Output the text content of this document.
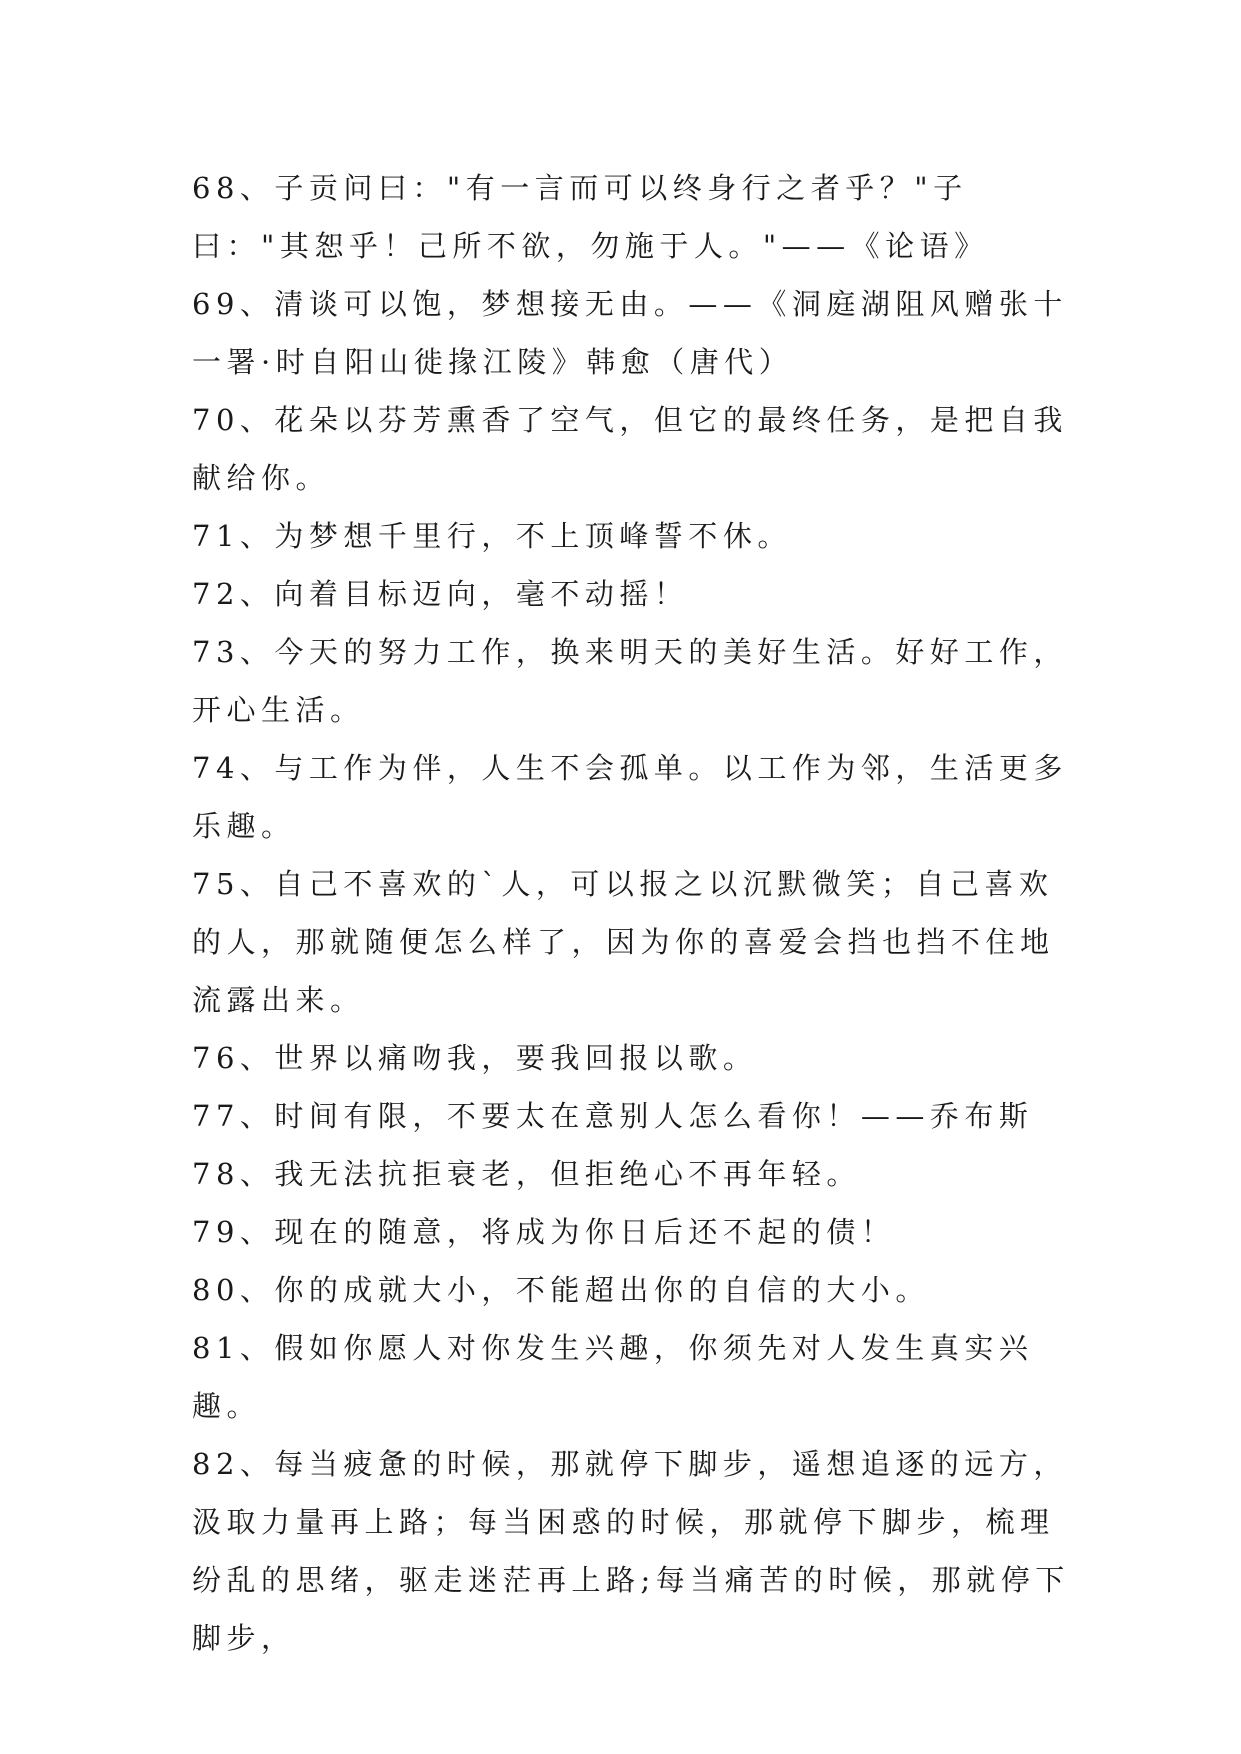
68、子贡问曰："有一言而可以终身行之者乎？"子曰："其恕乎！己所不欲，勿施于人。"——《论语》

69、清谈可以饱，梦想接无由。——《洞庭湖阻风赠张十一署·时自阳山徙掾江陵》韩愈（唐代）

70、花朵以芬芳熏香了空气，但它的最终任务，是把自我献给你。

71、为梦想千里行，不上顶峰誓不休。

72、向着目标迈向，毫不动摇！

73、今天的努力工作，换来明天的美好生活。好好工作，开心生活。

74、与工作为伴，人生不会孤单。以工作为邻，生活更多乐趣。

75、自己不喜欢的`人，可以报之以沉默微笑；自己喜欢的人，那就随便怎么样了，因为你的喜爱会挡也挡不住地流露出来。

76、世界以痛吻我，要我回报以歌。

77、时间有限，不要太在意别人怎么看你！——乔布斯

78、我无法抗拒衰老，但拒绝心不再年轻。

79、现在的随意，将成为你日后还不起的债！

80、你的成就大小，不能超出你的自信的大小。

81、假如你愿人对你发生兴趣，你须先对人发生真实兴趣。

82、每当疲惫的时候，那就停下脚步，遥想追逐的远方，汲取力量再上路；每当困惑的时候，那就停下脚步，梳理纷乱的思绪，驱走迷茫再上路;每当痛苦的时候，那就停下脚步，
